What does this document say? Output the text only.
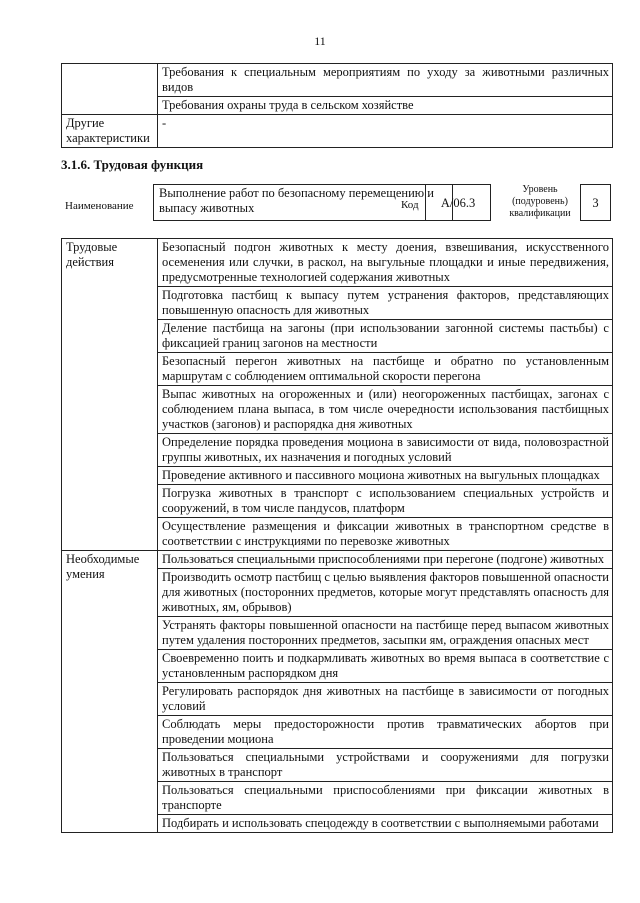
11
	Требования к специальным мероприятиям по уходу за животными различных видов
	Требования охраны труда в сельском хозяйстве
Другие характеристики	-
3.1.6. Трудовая функция
Наименование
Выполнение работ по безопасному перемещению и выпасу животных	Код	А/06.3
Уровень (подуровень) квалификации
3
Трудовые действия	Безопасный подгон животных к месту доения, взвешивания, искусственного осеменения или случки, в раскол, на выгульные площадки и иные передвижения, предусмотренные технологией содержания животных
	Подготовка пастбищ к выпасу путем устранения факторов, представляющих повышенную опасность для животных
	Деление пастбища на загоны (при использовании загонной системы пастьбы) с фиксацией границ загонов на местности
	Безопасный перегон животных на пастбище и обратно по установленным маршрутам с соблюдением оптимальной скорости перегона
	Выпас животных на огороженных и (или) неогороженных пастбищах, загонах с соблюдением плана выпаса, в том числе очередности использования пастбищных участков (загонов) и распорядка дня животных
	Определение порядка проведения моциона в зависимости от вида, половозрастной группы животных, их назначения и погодных условий
	Проведение активного и пассивного моциона животных на выгульных площадках
	Погрузка животных в транспорт с использованием специальных устройств и сооружений, в том числе пандусов, платформ
	Осуществление размещения и фиксации животных в транспортном средстве в соответствии с инструкциями по перевозке животных
Необходимые умения	Пользоваться специальными приспособлениями при перегоне (подгоне) животных
	Производить осмотр пастбищ с целью выявления факторов повышенной опасности для животных (посторонних предметов, которые могут представлять опасность для животных, ям, обрывов)
	Устранять факторы повышенной опасности на пастбище перед выпасом животных путем удаления посторонних предметов, засыпки ям, ограждения опасных мест
	Своевременно поить и подкармливать животных во время выпаса в соответствие с установленным распорядком дня
	Регулировать распорядок дня животных на пастбище в зависимости от погодных условий
	Соблюдать меры предосторожности против травматических абортов при проведении моциона
	Пользоваться специальными устройствами и сооружениями для погрузки животных в транспорт
	Пользоваться специальными приспособлениями при фиксации животных в транспорте
	Подбирать и использовать спецодежду в соответствии с выполняемыми работами
